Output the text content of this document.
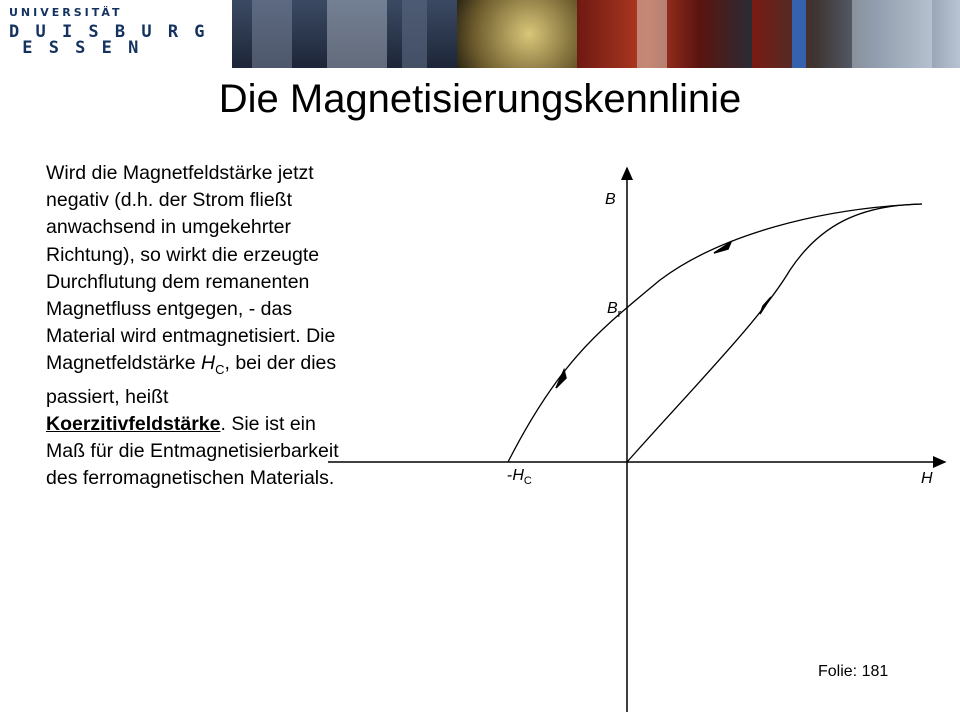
UNIVERSITÄT
D U I S B U R G
E S S E N
Die Magnetisierungskennlinie
Wird die Magnetfeldstärke jetzt negativ (d.h. der Strom fließt anwachsend in umgekehrter Richtung), so wirkt die erzeugte Durchflutung dem remanenten Magnetfluss entgegen, - das Material wird entmagnetisiert. Die Magnetfeldstärke $H_C$, bei der dies passiert, heißt Koerzitivfeldstärke. Sie ist ein Maß für die Entmagnetisierbarkeit des ferromagnetischen Materials.
B
$B_r$
$-H_C$	H
Folie: 181
